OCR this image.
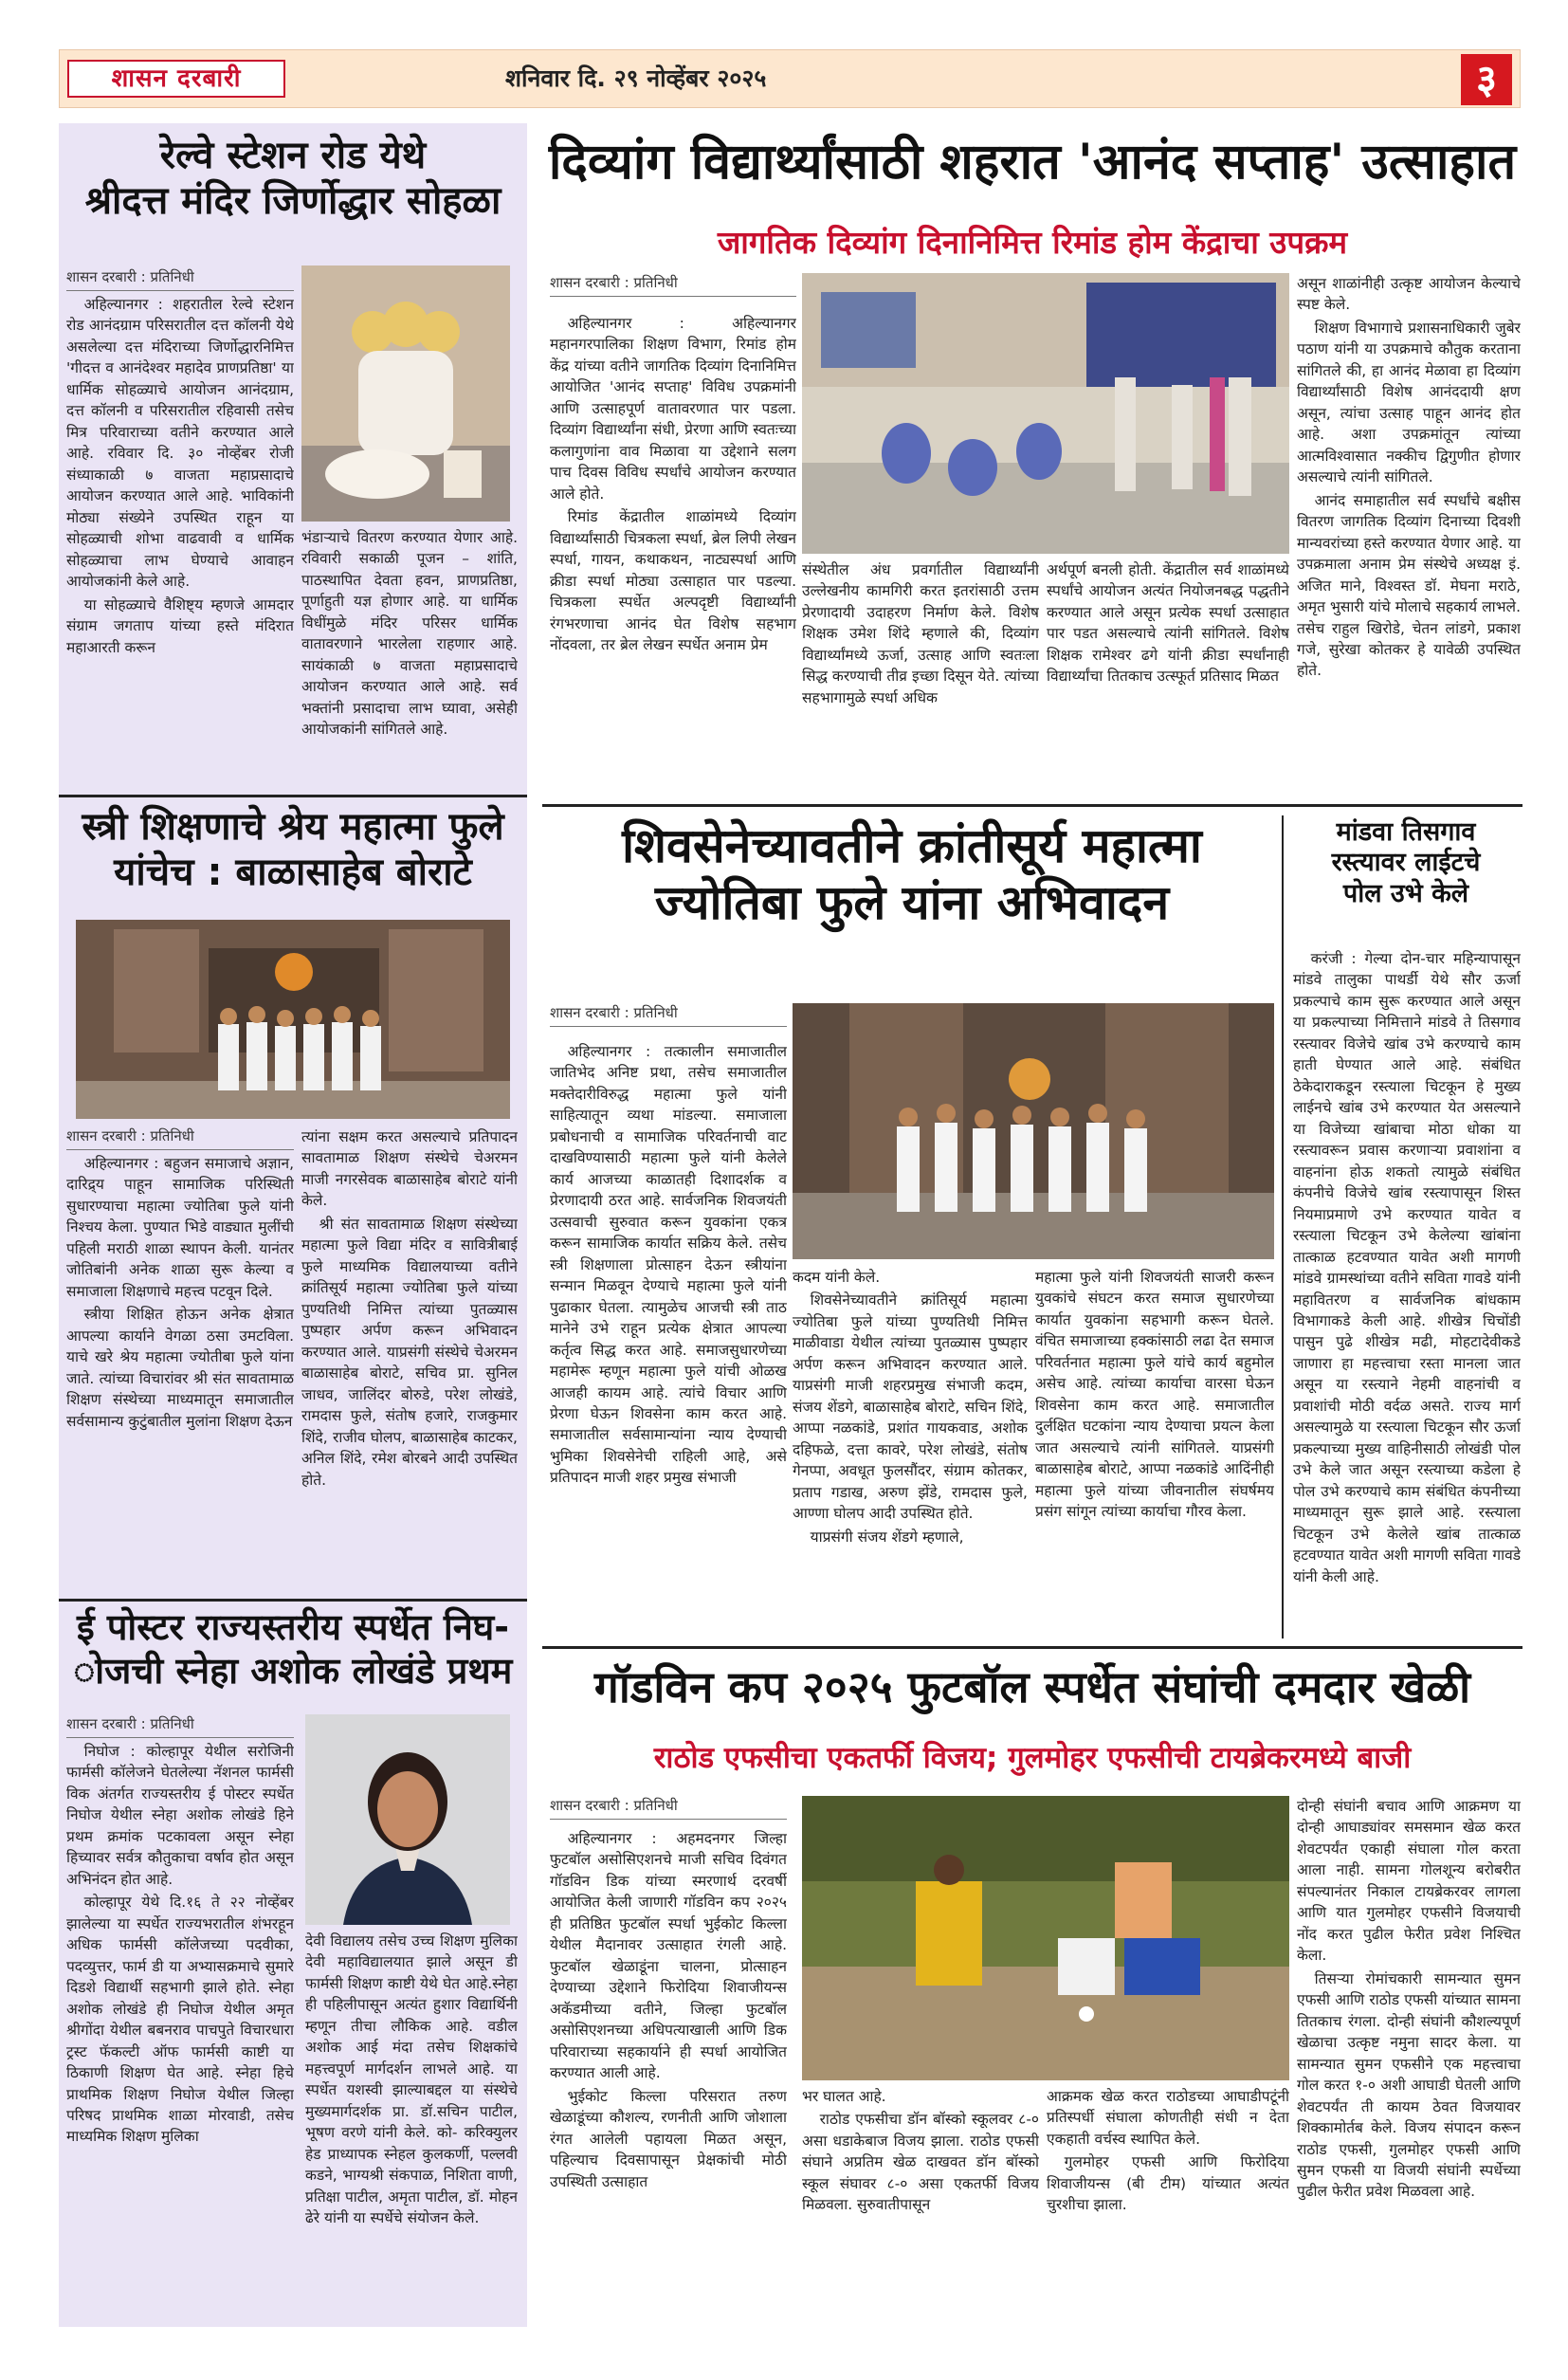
शासन दरबारी	शनिवार दि. २९ नोव्हेंबर २०२५	३
रेल्वे स्टेशन रोड येथे
श्रीदत्त मंदिर जिर्णोद्धार सोहळा
शासन दरबारी : प्रतिनिधी

अहिल्यानगर : शहरातील रेल्वे स्टेशन रोड आनंदग्राम परिसरातील दत्त कॉलनी येथे असलेल्या दत्त मंदिराच्या जिर्णोद्धारनिमित्त 'गीदत्त व आनंदेश्वर महादेव प्राणप्रतिष्ठा' या धार्मिक सोहळ्याचे आयोजन आनंदग्राम, दत्त कॉलनी व परिसरातील रहिवासी तसेच मित्र परिवाराच्या वतीने करण्यात आले आहे. रविवार दि. ३० नोव्हेंबर रोजी संध्याकाळी ७ वाजता महाप्रसादाचे आयोजन करण्यात आले आहे. भाविकांनी मोठ्या संख्येने उपस्थित राहून या सोहळ्याची शोभा वाढवावी व धार्मिक सोहळ्याचा लाभ घेण्याचे आवाहन आयोजकांनी केले आहे.

या सोहळ्याचे वैशिष्ट्य म्हणजे आमदार संग्राम जगताप यांच्या हस्ते मंदिरात महाआरती करून

भंडाऱ्याचे वितरण करण्यात येणार आहे. रविवारी सकाळी पूजन – शांति, पाठस्थापित देवता हवन, प्राणप्रतिष्ठा, पूर्णाहुती यज्ञ होणार आहे. या धार्मिक विधींमुळे मंदिर परिसर धार्मिक वातावरणाने भारलेला राहणार आहे. सायंकाळी ७ वाजता महाप्रसादाचे आयोजन करण्यात आले आहे. सर्व भक्तांनी प्रसादाचा लाभ घ्यावा, असेही आयोजकांनी सांगितले आहे.

स्त्री शिक्षणाचे श्रेय महात्मा फुले
यांचेच : बाळासाहेब बोराटे
शासन दरबारी : प्रतिनिधी

अहिल्यानगर : बहुजन समाजाचे अज्ञान, दारिद्र्य पाहून सामाजिक परिस्थिती सुधारण्याचा महात्मा ज्योतिबा फुले यांनी निश्चय केला. पुण्यात भिडे वाड्यात मुलींची पहिली मराठी शाळा स्थापन केली. यानंतर जोतिबांनी अनेक शाळा सुरू केल्या व समाजाला शिक्षणाचे महत्त्व पटवून दिले.

स्त्रीया शिक्षित होऊन अनेक क्षेत्रात आपल्या कार्याने वेगळा ठसा उमटविला. याचे खरे श्रेय महात्मा ज्योतीबा फुले यांना जाते. त्यांच्या विचारांवर श्री संत सावतामाळ शिक्षण संस्थेच्या माध्यमातून समाजातील सर्वसामान्य कुटुंबातील मुलांना शिक्षण देऊन

त्यांना सक्षम करत असल्याचे प्रतिपादन सावतामाळ शिक्षण संस्थेचे चेअरमन माजी नगरसेवक बाळासाहेब बोराटे यांनी केले.

श्री संत सावतामाळ शिक्षण संस्थेच्या महात्मा फुले विद्या मंदिर व सावित्रीबाई फुले माध्यमिक विद्यालयाच्या वतीने क्रांतिसूर्य महात्मा ज्योतिबा फुले यांच्या पुण्यतिथी निमित्त त्यांच्या पुतळ्यास पुष्पहार अर्पण करून अभिवादन करण्यात आले. याप्रसंगी संस्थेचे चेअरमन बाळासाहेब बोराटे, सचिव प्रा. सुनिल जाधव, जालिंदर बोरुडे, परेश लोखंडे, रामदास फुले, संतोष हजारे, राजकुमार शिंदे, राजीव घोलप, बाळासाहेब काटकर, अनिल शिंदे, रमेश बोरबने आदी उपस्थित होते.

ई पोस्टर राज्यस्तरीय स्पर्धेत निघ-
ोजची स्नेहा अशोक लोखंडे प्रथम
शासन दरबारी : प्रतिनिधी

निघोज : कोल्हापूर येथील सरोजिनी फार्मसी कॉलेजने घेतलेल्या नॅशनल फार्मसी विक अंतर्गत राज्यस्तरीय ई पोस्टर स्पर्धेत निघोज येथील स्नेहा अशोक लोखंडे हिने प्रथम क्रमांक पटकावला असून स्नेहा हिच्यावर सर्वत्र कौतुकाचा वर्षाव होत असून अभिनंदन होत आहे.

कोल्हापूर येथे दि.१६ ते २२ नोव्हेंबर झालेल्या या स्पर्धेत राज्यभरातील शंभरहून अधिक फार्मसी कॉलेजच्या पदवीका, पदव्युत्तर, फार्म डी या अभ्यासक्रमाचे सुमारे दिडशे विद्यार्थी सहभागी झाले होते. स्नेहा अशोक लोखंडे ही निघोज येथील अमृत श्रीगोंदा येथील बबनराव पाचपुते विचारधारा ट्रस्ट फॅकल्टी ऑफ फार्मसी काष्टी या ठिकाणी शिक्षण घेत आहे. स्नेहा हिचे प्राथमिक शिक्षण निघोज येथील जिल्हा परिषद प्राथमिक शाळा मोरवाडी, तसेच माध्यमिक शिक्षण मुलिका

देवी विद्यालय तसेच उच्च शिक्षण मुलिका देवी महाविद्यालयात झाले असून डी फार्मसी शिक्षण काष्टी येथे घेत आहे.स्नेहा ही पहिलीपासून अत्यंत हुशार विद्यार्थिनी म्हणून तीचा लौकिक आहे. वडील अशोक आई मंदा तसेच शिक्षकांचे महत्त्वपूर्ण मार्गदर्शन लाभले आहे. या स्पर्धेत यशस्वी झाल्याबद्दल या संस्थेचे मुख्यमार्गदर्शक प्रा. डॉ.सचिन पाटील, भूषण वरणे यांनी केले. को- करिक्युलर हेड प्राध्यापक स्नेहल कुलकर्णी, पल्लवी कडने, भाग्यश्री संकपाळ, निशिता वाणी, प्रतिक्षा पाटील, अमृता पाटील, डॉ. मोहन ढेरे यांनी या स्पर्धेचे संयोजन केले.

दिव्यांग विद्यार्थ्यांसाठी शहरात 'आनंद सप्ताह' उत्साहात
जागतिक दिव्यांग दिनानिमित्त रिमांड होम केंद्राचा उपक्रम
शासन दरबारी : प्रतिनिधी

अहिल्यानगर : अहिल्यानगर महानगरपालिका शिक्षण विभाग, रिमांड होम केंद्र यांच्या वतीने जागतिक दिव्यांग दिनानिमित्त आयोजित 'आनंद सप्ताह' विविध उपक्रमांनी आणि उत्साहपूर्ण वातावरणात पार पडला. दिव्यांग विद्यार्थ्यांना संधी, प्रेरणा आणि स्वतःच्या कलागुणांना वाव मिळावा या उद्देशाने सलग पाच दिवस विविध स्पर्धांचे आयोजन करण्यात आले होते.

रिमांड केंद्रातील शाळांमध्ये दिव्यांग विद्यार्थ्यांसाठी चित्रकला स्पर्धा, ब्रेल लिपी लेखन स्पर्धा, गायन, कथाकथन, नाट्यस्पर्धा आणि क्रीडा स्पर्धा मोठ्या उत्साहात पार पडल्या. चित्रकला स्पर्धेत अल्पदृष्टी विद्यार्थ्यांनी रंगभरणाचा आनंद घेत विशेष सहभाग नोंदवला, तर ब्रेल लेखन स्पर्धेत अनाम प्रेम

संस्थेतील अंध प्रवर्गातील विद्यार्थ्यांनी उल्लेखनीय कामगिरी करत इतरांसाठी उत्तम प्रेरणादायी उदाहरण निर्माण केले. विशेष शिक्षक उमेश शिंदे म्हणाले की, दिव्यांग विद्यार्थ्यांमध्ये ऊर्जा, उत्साह आणि स्वतःला सिद्ध करण्याची तीव्र इच्छा दिसून येते. त्यांच्या सहभागामुळे स्पर्धा अधिक

अर्थपूर्ण बनली होती. केंद्रातील सर्व शाळांमध्ये स्पर्धांचे आयोजन अत्यंत नियोजनबद्ध पद्धतीने करण्यात आले असून प्रत्येक स्पर्धा उत्साहात पार पडत असल्याचे त्यांनी सांगितले. विशेष शिक्षक रामेश्वर ढगे यांनी क्रीडा स्पर्धांनाही विद्यार्थ्यांचा तितकाच उत्स्फूर्त प्रतिसाद मिळत

असून शाळांनीही उत्कृष्ट आयोजन केल्याचे स्पष्ट केले.

शिक्षण विभागाचे प्रशासनाधिकारी जुबेर पठाण यांनी या उपक्रमाचे कौतुक करताना सांगितले की, हा आनंद मेळावा हा दिव्यांग विद्यार्थ्यांसाठी विशेष आनंददायी क्षण असून, त्यांचा उत्साह पाहून आनंद होत आहे. अशा उपक्रमांतून त्यांच्या आत्मविश्वासात नक्कीच द्विगुणीत होणार असल्याचे त्यांनी सांगितले.

आनंद समाहातील सर्व स्पर्धांचे बक्षीस वितरण जागतिक दिव्यांग दिनाच्या दिवशी मान्यवरांच्या हस्ते करण्यात येणार आहे. या उपक्रमाला अनाम प्रेम संस्थेचे अध्यक्ष इं. अजित माने, विश्वस्त डॉ. मेघना मराठे, अमृत भुसारी यांचे मोलाचे सहकार्य लाभले. तसेच राहुल खिरोडे, चेतन लांडगे, प्रकाश गजे, सुरेखा कोतकर हे यावेळी उपस्थित होते.

शिवसेनेच्यावतीने क्रांतीसूर्य महात्मा
ज्योतिबा फुले यांना अभिवादन
शासन दरबारी : प्रतिनिधी

अहिल्यानगर : तत्कालीन समाजातील जातिभेद अनिष्ट प्रथा, तसेच समाजातील मक्तेदारीविरुद्ध महात्मा फुले यांनी साहित्यातून व्यथा मांडल्या. समाजाला प्रबोधनाची व सामाजिक परिवर्तनाची वाट दाखविण्यासाठी महात्मा फुले यांनी केलेले कार्य आजच्या काळातही दिशादर्शक व प्रेरणादायी ठरत आहे. सार्वजनिक शिवजयंती उत्सवाची सुरुवात करून युवकांना एकत्र करून सामाजिक कार्यात सक्रिय केले. तसेच स्त्री शिक्षणाला प्रोत्साहन देऊन स्त्रीयांना सन्मान मिळवून देण्याचे महात्मा फुले यांनी पुढाकार घेतला. त्यामुळेच आजची स्त्री ताठ मानेने उभे राहून प्रत्येक क्षेत्रात आपल्या कर्तृत्व सिद्ध करत आहे. समाजसुधारणेच्या महामेरू म्हणून महात्मा फुले यांची ओळख आजही कायम आहे. त्यांचे विचार आणि प्रेरणा घेऊन शिवसेना काम करत आहे. समाजातील सर्वसामान्यांना न्याय देण्याची भुमिका शिवसेनेची राहिली आहे, असे प्रतिपादन माजी शहर प्रमुख संभाजी

कदम यांनी केले.

शिवसेनेच्यावतीने क्रांतिसूर्य महात्मा ज्योतिबा फुले यांच्या पुण्यतिथी निमित्त माळीवाडा येथील त्यांच्या पुतळ्यास पुष्पहार अर्पण करून अभिवादन करण्यात आले. याप्रसंगी माजी शहरप्रमुख संभाजी कदम, संजय शेंडगे, बाळासाहेब बोराटे, सचिन शिंदे, आप्पा नळकांडे, प्रशांत गायकवाड, अशोक दहिफळे, दत्ता कावरे, परेश लोखंडे, संतोष गेनप्पा, अवधूत फुलसौंदर, संग्राम कोतकर, प्रताप गडाख, अरुण झेंडे, रामदास फुले, आण्णा घोलप आदी उपस्थित होते.

याप्रसंगी संजय शेंडगे म्हणाले,

महात्मा फुले यांनी शिवजयंती साजरी करून युवकांचे संघटन करत समाज सुधारणेच्या कार्यात युवकांना सहभागी करून घेतले. वंचित समाजाच्या हक्कांसाठी लढा देत समाज परिवर्तनात महात्मा फुले यांचे कार्य बहुमोल असेच आहे. त्यांच्या कार्याचा वारसा घेऊन शिवसेना काम करत आहे. समाजातील दुर्लक्षित घटकांना न्याय देण्याचा प्रयत्न केला जात असल्याचे त्यांनी सांगितले. याप्रसंगी बाळासाहेब बोराटे, आप्पा नळकांडे आदिंनीही महात्मा फुले यांच्या जीवनातील संघर्षमय प्रसंग सांगून त्यांच्या कार्याचा गौरव केला.

मांडवा तिसगाव
रस्त्यावर लाईटचे
पोल उभे केले

करंजी : गेल्या दोन-चार महिन्यापासून मांडवे तालुका पाथर्डी येथे सौर ऊर्जा प्रकल्पाचे काम सुरू करण्यात आले असून या प्रकल्पाच्या निमित्ताने मांडवे ते तिसगाव रस्त्यावर विजेचे खांब उभे करण्याचे काम हाती घेण्यात आले आहे. संबंधित ठेकेदाराकडून रस्त्याला चिटकून हे मुख्य लाईनचे खांब उभे करण्यात येत असल्याने या विजेच्या खांबाचा मोठा धोका या रस्त्यावरून प्रवास करणाऱ्या प्रवाशांना व वाहनांना होऊ शकतो त्यामुळे संबंधित कंपनीचे विजेचे खांब रस्त्यापासून शिस्त नियमाप्रमाणे उभे करण्यात यावेत व रस्त्याला चिटकून उभे केलेल्या खांबांना तात्काळ हटवण्यात यावेत अशी मागणी मांडवे ग्रामस्थांच्या वतीने सविता गावडे यांनी महावितरण व सार्वजनिक बांधकाम विभागाकडे केली आहे. शीखेत्र चिचोंडी पासुन पुढे शीखेत्र मढी, मोहटादेवीकडे जाणारा हा महत्त्वाचा रस्ता मानला जात असून या रस्त्याने नेहमी वाहनांची व प्रवाशांची मोठी वर्दळ असते. राज्य मार्ग असल्यामुळे या रस्त्याला चिटकून सौर ऊर्जा प्रकल्पाच्या मुख्य वाहिनीसाठी लोखंडी पोल उभे केले जात असून रस्त्याच्या कडेला हे पोल उभे करण्याचे काम संबंधित कंपनीच्या माध्यमातून सुरू झाले आहे. रस्त्याला चिटकून उभे केलेले खांब तात्काळ हटवण्यात यावेत अशी मागणी सविता गावडे यांनी केली आहे.

गॉडविन कप २०२५ फुटबॉल स्पर्धेत संघांची दमदार खेळी
राठोड एफसीचा एकतर्फी विजय; गुलमोहर एफसीची टायब्रेकरमध्ये बाजी
शासन दरबारी : प्रतिनिधी

अहिल्यानगर : अहमदनगर जिल्हा फुटबॉल असोसिएशनचे माजी सचिव दिवंगत गॉडविन डिक यांच्या स्मरणार्थ दरवर्षी आयोजित केली जाणारी गॉडविन कप २०२५ ही प्रतिष्ठित फुटबॉल स्पर्धा भुईकोट किल्ला येथील मैदानावर उत्साहात रंगली आहे. फुटबॉल खेळाडूंना चालना, प्रोत्साहन देण्याच्या उद्देशाने फिरोदिया शिवाजीयन्स अकॅडमीच्या वतीने, जिल्हा फुटबॉल असोसिएशनच्या अधिपत्याखाली आणि डिक परिवाराच्या सहकार्याने ही स्पर्धा आयोजित करण्यात आली आहे.

भुईकोट किल्ला परिसरात तरुण खेळाडूंच्या कौशल्य, रणनीती आणि जोशाला रंगत आलेली पहायला मिळत असून, पहिल्याच दिवसापासून प्रेक्षकांची मोठी उपस्थिती उत्साहात

भर घालत आहे.

राठोड एफसीचा डॉन बॉस्को स्कूलवर ८-० असा धडाकेबाज विजय झाला. राठोड एफसी संघाने अप्रतिम खेळ दाखवत डॉन बॉस्को स्कूल संघावर ८-० असा एकतर्फी विजय मिळवला. सुरुवातीपासून

आक्रमक खेळ करत राठोडच्या आघाडीपटूंनी प्रतिस्पर्धी संघाला कोणतीही संधी न देता एकहाती वर्चस्व स्थापित केले.

गुलमोहर एफसी आणि फिरोदिया शिवाजीयन्स (बी टीम) यांच्यात अत्यंत चुरशीचा झाला.

दोन्ही संघांनी बचाव आणि आक्रमण या दोन्ही आघाड्यांवर समसमान खेळ करत शेवटपर्यंत एकाही संघाला गोल करता आला नाही. सामना गोलशून्य बरोबरीत संपल्यानंतर निकाल टायब्रेकरवर लागला आणि यात गुलमोहर एफसीने विजयाची नोंद करत पुढील फेरीत प्रवेश निश्चित केला.

तिसऱ्या रोमांचकारी सामन्यात सुमन एफसी आणि राठोड एफसी यांच्यात सामना तितकाच रंगला. दोन्ही संघांनी कौशल्यपूर्ण खेळाचा उत्कृष्ट नमुना सादर केला. या सामन्यात सुमन एफसीने एक महत्त्वाचा गोल करत १-० अशी आघाडी घेतली आणि शेवटपर्यंत ती कायम ठेवत विजयावर शिक्कामोर्तब केले. विजय संपादन करून राठोड एफसी, गुलमोहर एफसी आणि सुमन एफसी या विजयी संघांनी स्पर्धेच्या पुढील फेरीत प्रवेश मिळवला आहे.
